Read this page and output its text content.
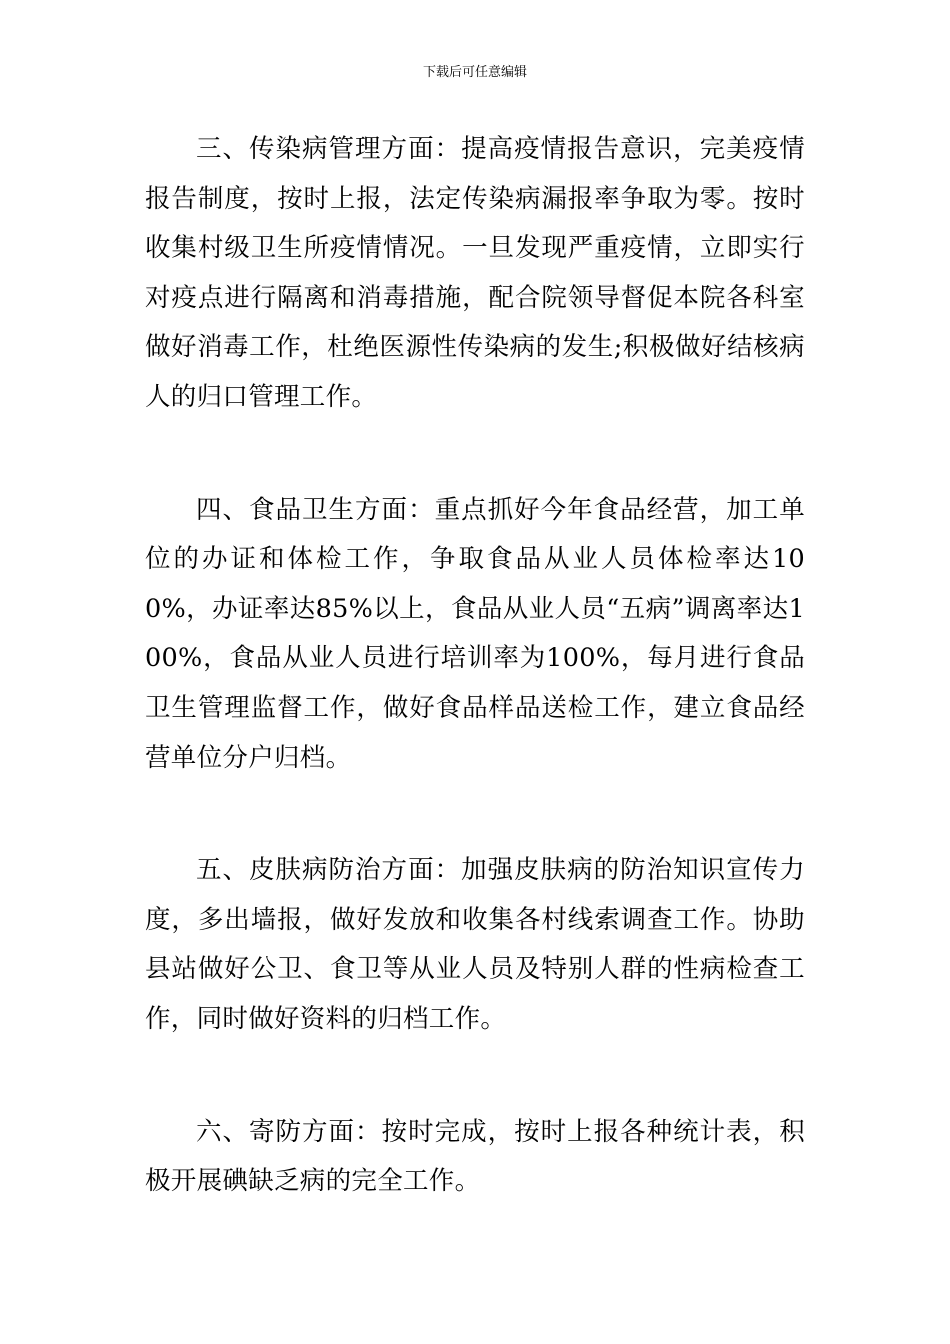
下载后可任意编辑

三、传染病管理方面：提高疫情报告意识，完美疫情报告制度，按时上报，法定传染病漏报率争取为零。按时收集村级卫生所疫情情况。一旦发现严重疫情，立即实行对疫点进行隔离和消毒措施，配合院领导督促本院各科室做好消毒工作，杜绝医源性传染病的发生;积极做好结核病人的归口管理工作。

四、食品卫生方面：重点抓好今年食品经营，加工单位的办证和体检工作，争取食品从业人员体检率达100%，办证率达85%以上，食品从业人员“五病”调离率达100%，食品从业人员进行培训率为100%，每月进行食品卫生管理监督工作，做好食品样品送检工作，建立食品经营单位分户归档。

五、皮肤病防治方面：加强皮肤病的防治知识宣传力度，多出墙报，做好发放和收集各村线索调查工作。协助县站做好公卫、食卫等从业人员及特别人群的性病检查工作，同时做好资料的归档工作。

六、寄防方面：按时完成，按时上报各种统计表，积极开展碘缺乏病的完全工作。
